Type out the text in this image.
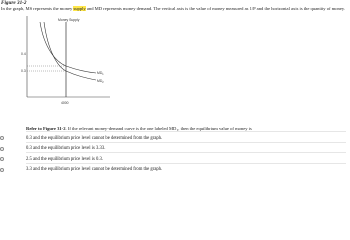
Figure 31-2
In the graph, MS represents the money supply and MD represents money demand. The vertical axis is the value of money measured as 1/P and the horizontal axis is the quantity of money.
Money Supply
$MD_1$
$MD_2$
0.4
0.3
4000
Refer to Figure 31-2. If the relevant money-demand curve is the one labeled $MD_1$, then the equilibrium value of money is
0.3 and the equilibrium price level cannot be determined from the graph.
0.3 and the equilibrium price level is 3.33.
2.5 and the equilibrium price level is 0.3.
3.3 and the equilibrium price level cannot be determined from the graph.
